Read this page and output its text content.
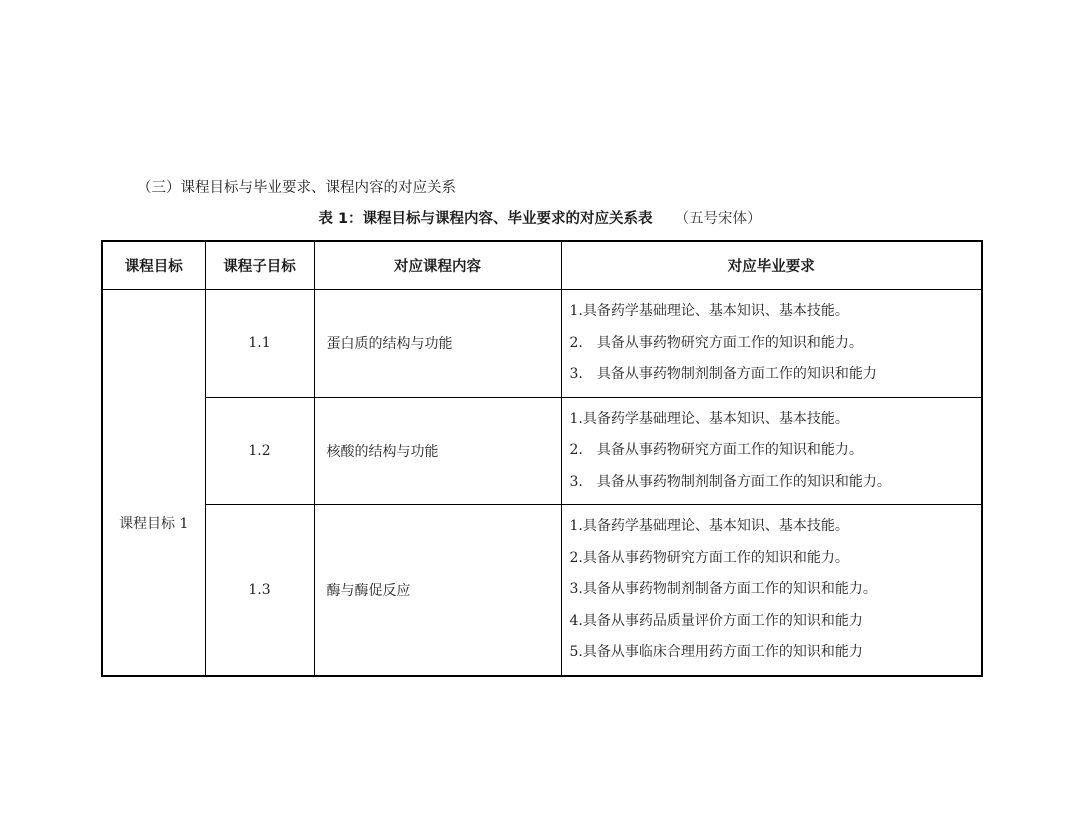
（三）课程目标与毕业要求、课程内容的对应关系
表 1：课程目标与课程内容、毕业要求的对应关系表 （五号宋体）
课程目标	课程子目标	对应课程内容	对应毕业要求
课程目标 1	1.1	蛋白质的结构与功能	1.具备药学基础理论、基本知识、基本技能。
2.　具备从事药物研究方面工作的知识和能力。
3.　具备从事药物制剂制备方面工作的知识和能力

	1.2	核酸的结构与功能	1.具备药学基础理论、基本知识、基本技能。
2.　具备从事药物研究方面工作的知识和能力。
3.　具备从事药物制剂制备方面工作的知识和能力。

	1.3	酶与酶促反应	1.具备药学基础理论、基本知识、基本技能。
2.具备从事药物研究方面工作的知识和能力。
3.具备从事药物制剂制备方面工作的知识和能力。
4.具备从事药品质量评价方面工作的知识和能力
5.具备从事临床合理用药方面工作的知识和能力
